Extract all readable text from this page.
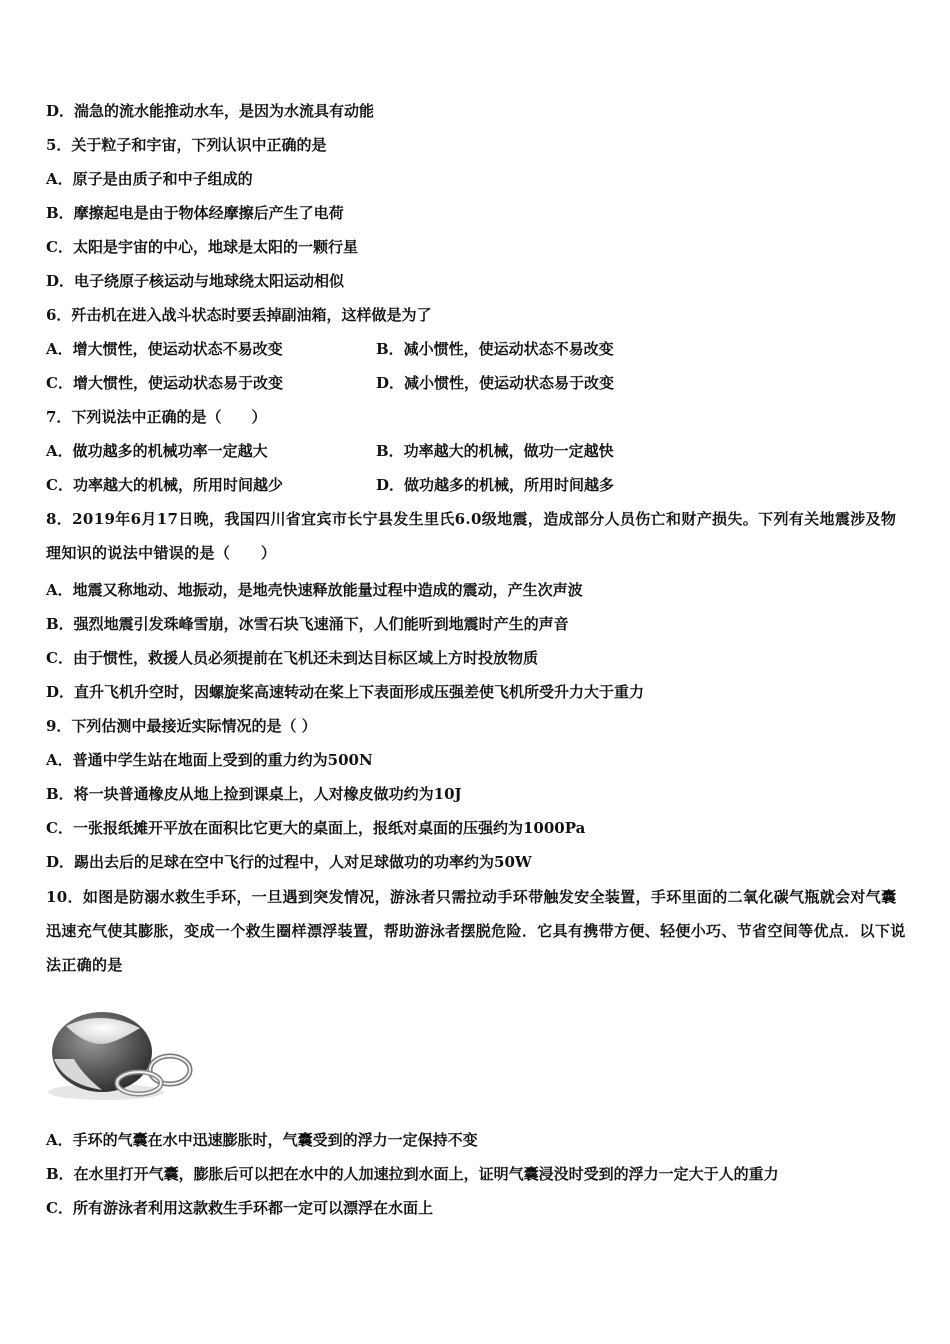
D．湍急的流水能推动水车，是因为水流具有动能
5．关于粒子和宇宙，下列认识中正确的是
A．原子是由质子和中子组成的
B．摩擦起电是由于物体经摩擦后产生了电荷
C．太阳是宇宙的中心，地球是太阳的一颗行星
D．电子绕原子核运动与地球绕太阳运动相似
6．歼击机在进入战斗状态时要丢掉副油箱，这样做是为了
A．增大惯性，使运动状态不易改变	B．减小惯性，使运动状态不易改变
C．增大惯性，使运动状态易于改变	D．减小惯性，使运动状态易于改变
7．下列说法中正确的是（　　）
A．做功越多的机械功率一定越大	B．功率越大的机械，做功一定越快
C．功率越大的机械，所用时间越少	D．做功越多的机械，所用时间越多
8．2019年6月17日晚，我国四川省宜宾市长宁县发生里氏6.0级地震，造成部分人员伤亡和财产损失。下列有关地震涉及物理知识的说法中错误的是（　　）
A．地震又称地动、地振动，是地壳快速释放能量过程中造成的震动，产生次声波
B．强烈地震引发珠峰雪崩，冰雪石块飞速涌下，人们能听到地震时产生的声音
C．由于惯性，救援人员必须提前在飞机还未到达目标区域上方时投放物质
D．直升飞机升空时，因螺旋桨高速转动在桨上下表面形成压强差使飞机所受升力大于重力
9．下列估测中最接近实际情况的是（ ）
A．普通中学生站在地面上受到的重力约为500N
B．将一块普通橡皮从地上捡到课桌上，人对橡皮做功约为10J
C．一张报纸摊开平放在面积比它更大的桌面上，报纸对桌面的压强约为1000Pa
D．踢出去后的足球在空中飞行的过程中，人对足球做功的功率约为50W
10．如图是防溺水救生手环，一旦遇到突发情况，游泳者只需拉动手环带触发安全装置，手环里面的二氧化碳气瓶就会对气囊迅速充气使其膨胀，变成一个救生圈样漂浮装置，帮助游泳者摆脱危险．它具有携带方便、轻便小巧、节省空间等优点．以下说法正确的是
A．手环的气囊在水中迅速膨胀时，气囊受到的浮力一定保持不变
B．在水里打开气囊，膨胀后可以把在水中的人加速拉到水面上，证明气囊浸没时受到的浮力一定大于人的重力
C．所有游泳者利用这款救生手环都一定可以漂浮在水面上
